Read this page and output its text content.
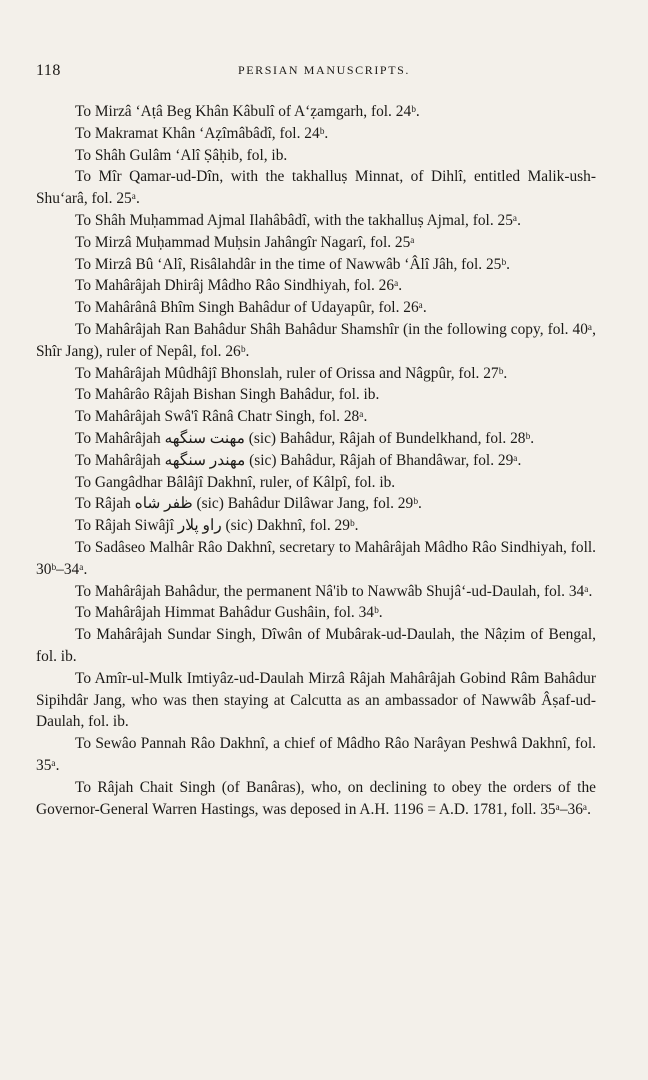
118	PERSIAN MANUSCRIPTS.

To Mirzâ ‘Aṭâ Beg Khân Kâbulî of A‘ẓamgarh, fol. 24ᵇ.

To Makramat Khân ‘Aẓîmâbâdî, fol. 24ᵇ.

To Shâh Gulâm ‘Alî Ṣâḥib, fol, ib.

To Mîr Qamar-ud-Dîn, with the takhalluṣ Minnat, of Dihlî, entitled Malik-ush-Shu‘arâ, fol. 25ᵃ.

To Shâh Muḥammad Ajmal Ilahâbâdî, with the takhalluṣ Ajmal, fol. 25ᵃ.

To Mirzâ Muḥammad Muḥsin Jahângîr Nagarî, fol. 25ᵃ

To Mirzâ Bû ‘Alî, Risâlahdâr in the time of Nawwâb ‘Âlî Jâh, fol. 25ᵇ.

To Mahârâjah Dhirâj Mâdho Râo Sindhiyah, fol. 26ᵃ.

To Mahârânâ Bhîm Singh Bahâdur of Udayapûr, fol. 26ᵃ.

To Mahârâjah Ran Bahâdur Shâh Bahâdur Shamshîr (in the following copy, fol. 40ᵃ, Shîr Jang), ruler of Nepâl, fol. 26ᵇ.

To Mahârâjah Mûdhâjî Bhonslah, ruler of Orissa and Nâgpûr, fol. 27ᵇ.

To Mahârâo Râjah Bishan Singh Bahâdur, fol. ib.

To Mahârâjah Swâ'î Rânâ Chatr Singh, fol. 28ᵃ.

To Mahârâjah مهنت سنگهه (sic) Bahâdur, Râjah of Bundelkhand, fol. 28ᵇ.

To Mahârâjah مهندر سنگهه (sic) Bahâdur, Râjah of Bhandâwar, fol. 29ᵃ.

To Gangâdhar Bâlâjî Dakhnî, ruler, of Kâlpî, fol. ib.

To Râjah ظفر شاه (sic) Bahâdur Dilâwar Jang, fol. 29ᵇ.

To Râjah Siwâjî راو پلار (sic) Dakhnî, fol. 29ᵇ.

To Sadâseo Malhâr Râo Dakhnî, secretary to Mahârâjah Mâdho Râo Sindhiyah, foll. 30ᵇ–34ᵃ.

To Mahârâjah Bahâdur, the permanent Nâ'ib to Nawwâb Shujâ‘-ud-Daulah, fol. 34ᵃ.

To Mahârâjah Himmat Bahâdur Gushâin, fol. 34ᵇ.

To Mahârâjah Sundar Singh, Dîwân of Mubârak-ud-Daulah, the Nâẓim of Bengal, fol. ib.

To Amîr-ul-Mulk Imtiyâz-ud-Daulah Mirzâ Râjah Mahârâjah Gobind Râm Bahâdur Sipihdâr Jang, who was then staying at Calcutta as an ambassador of Nawwâb Âṣaf-ud-Daulah, fol. ib.

To Sewâo Pannah Râo Dakhnî, a chief of Mâdho Râo Narâyan Peshwâ Dakhnî, fol. 35ᵃ.

To Râjah Chait Singh (of Banâras), who, on declining to obey the orders of the Governor-General Warren Hastings, was deposed in A.H. 1196 = A.D. 1781, foll. 35ᵃ–36ᵃ.
